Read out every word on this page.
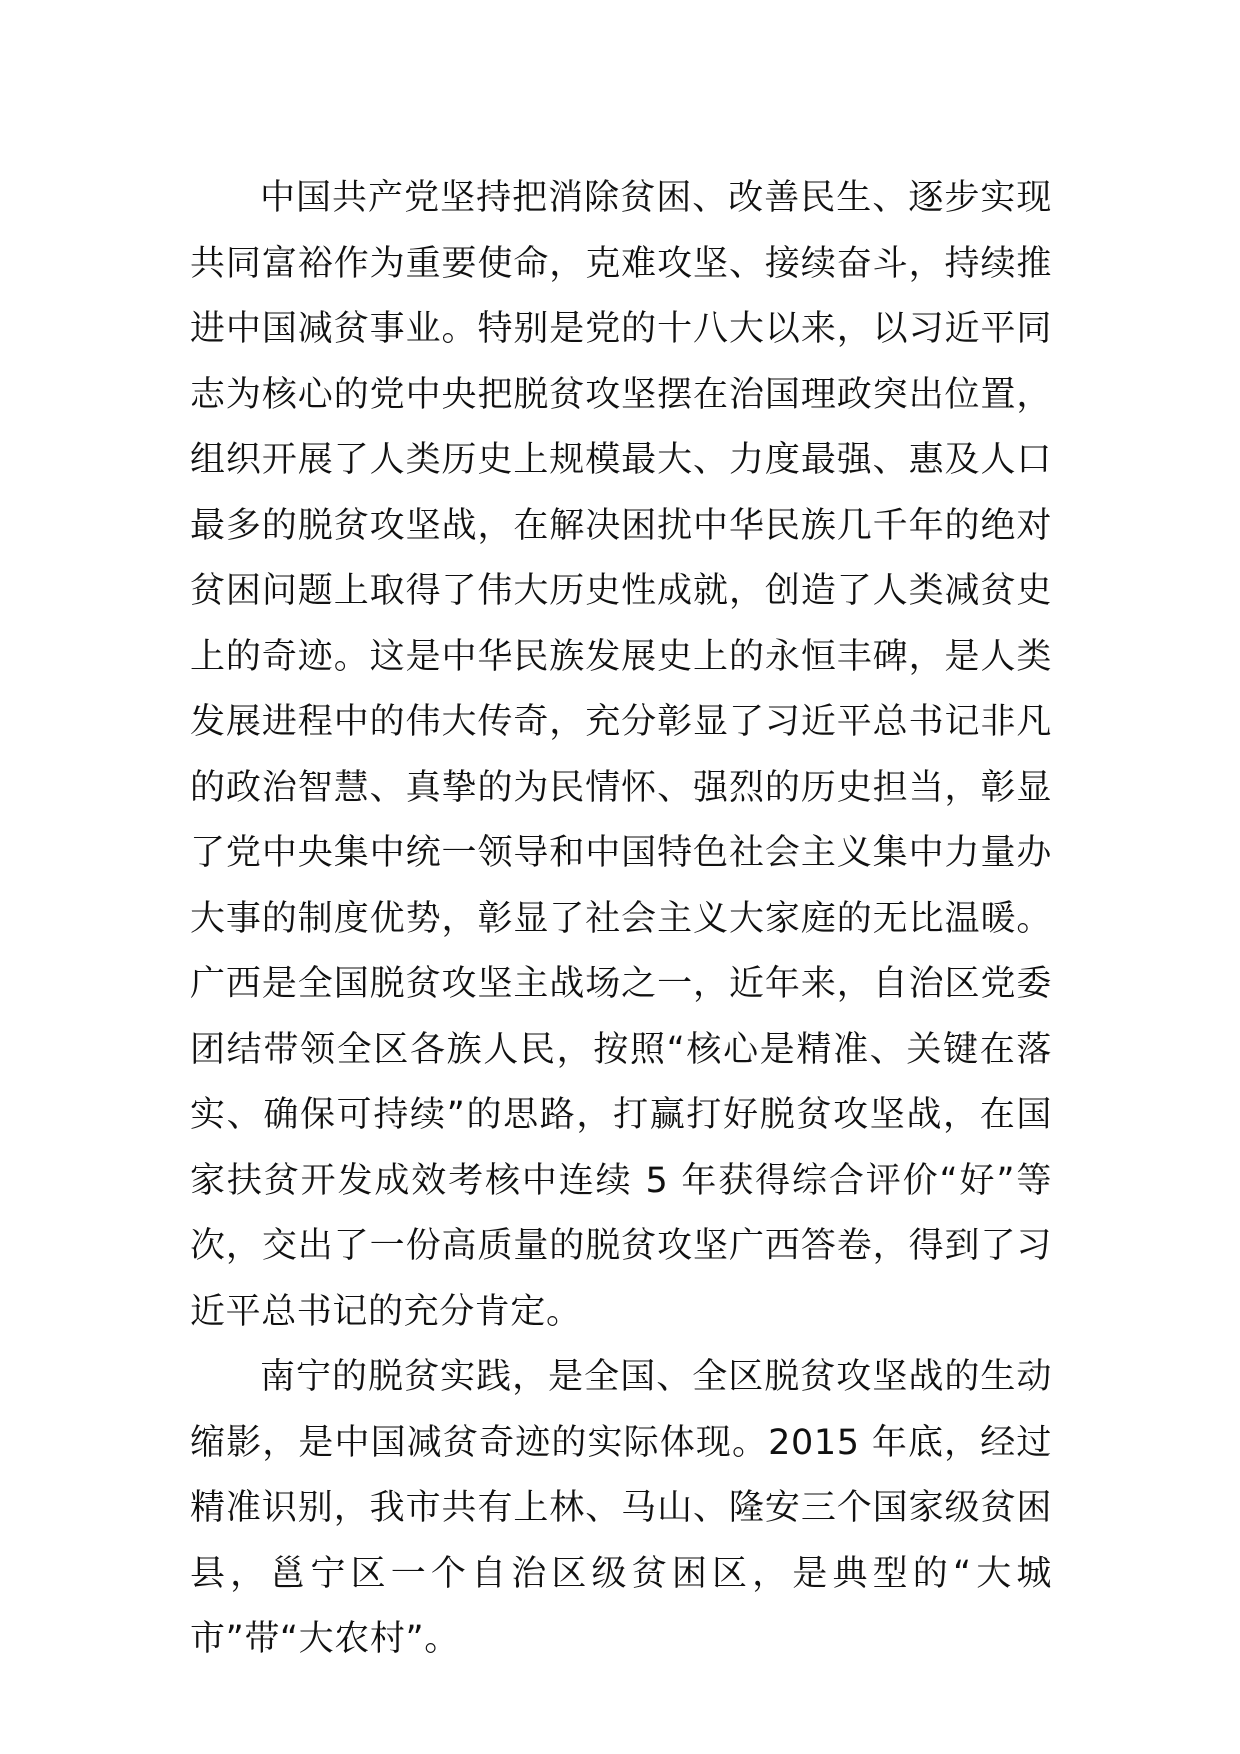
中国共产党坚持把消除贫困、改善民生、逐步实现共同富裕作为重要使命，克难攻坚、接续奋斗，持续推进中国减贫事业。特别是党的十八大以来，以习近平同志为核心的党中央把脱贫攻坚摆在治国理政突出位置，组织开展了人类历史上规模最大、力度最强、惠及人口最多的脱贫攻坚战，在解决困扰中华民族几千年的绝对贫困问题上取得了伟大历史性成就，创造了人类减贫史上的奇迹。这是中华民族发展史上的永恒丰碑，是人类发展进程中的伟大传奇，充分彰显了习近平总书记非凡的政治智慧、真挚的为民情怀、强烈的历史担当，彰显了党中央集中统一领导和中国特色社会主义集中力量办大事的制度优势，彰显了社会主义大家庭的无比温暖。广西是全国脱贫攻坚主战场之一，近年来，自治区党委团结带领全区各族人民，按照“核心是精准、关键在落实、确保可持续”的思路，打赢打好脱贫攻坚战，在国家扶贫开发成效考核中连续 5 年获得综合评价“好”等次，交出了一份高质量的脱贫攻坚广西答卷，得到了习近平总书记的充分肯定。

南宁的脱贫实践，是全国、全区脱贫攻坚战的生动缩影，是中国减贫奇迹的实际体现。2015 年底，经过精准识别，我市共有上林、马山、隆安三个国家级贫困县，邕宁区一个自治区级贫困区，是典型的“大城市”带“大农村”。
